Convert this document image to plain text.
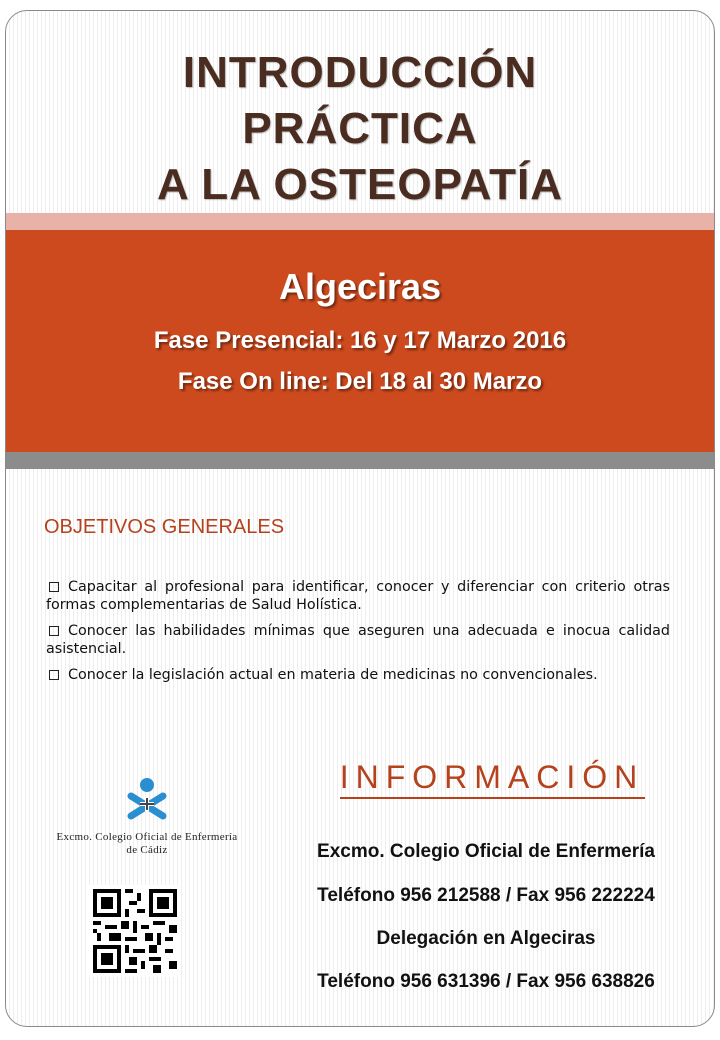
INTRODUCCIÓN
PRÁCTICA
A LA OSTEOPATÍA
Algeciras
Fase Presencial: 16 y 17 Marzo 2016
Fase On line: Del 18 al 30 Marzo
OBJETIVOS GENERALES
Capacitar al profesional para identificar, conocer y diferenciar con criterio otras formas complementarias de Salud Holística.
Conocer las habilidades mínimas que aseguren una adecuada e inocua calidad asistencial.
Conocer la legislación actual en materia de medicinas no convencionales.
INFORMACIÓN
Excmo. Colegio Oficial de Enfermería
Teléfono 956 212588 / Fax 956 222224
Delegación en Algeciras
Teléfono 956 631396 / Fax 956 638826
Excmo. Colegio Oficial de Enfermería
de Cádiz
